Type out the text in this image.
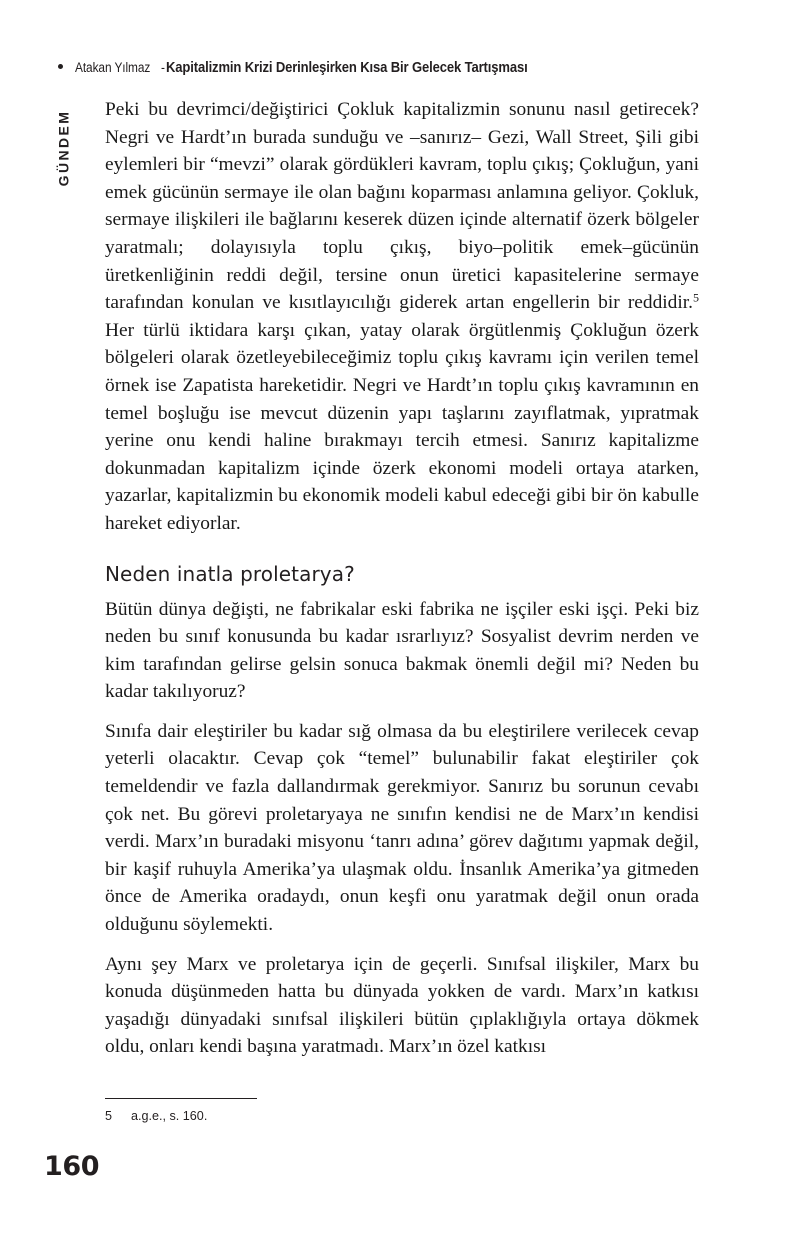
Atakan Yılmaz - Kapitalizmin Krizi Derinleşirken Kısa Bir Gelecek Tartışması
GÜNDEM

Peki bu devrimci/değiştirici Çokluk kapitalizmin sonunu nasıl getirecek? Negri ve Hardt’ın burada sunduğu ve –sanırız– Gezi, Wall Street, Şili gibi eylemleri bir “mevzi” olarak gördükleri kavram, toplu çıkış; Çokluğun, yani emek gücünün sermaye ile olan bağını koparması anlamına geliyor. Çokluk, sermaye ilişkileri ile bağlarını keserek düzen içinde alternatif özerk bölgeler yaratmalı; dolayısıyla toplu çıkış, biyo–politik emek–gücünün üretkenliğinin reddi değil, tersine onun üretici kapasitelerine sermaye tarafından konulan ve kısıtlayıcılığı giderek artan engellerin bir reddidir.$^5$ Her türlü iktidara karşı çıkan, yatay olarak örgütlenmiş Çokluğun özerk bölgeleri olarak özetleyebileceğimiz toplu çıkış kavramı için verilen temel örnek ise Zapatista hareketidir. Negri ve Hardt’ın toplu çıkış kavramının en temel boşluğu ise mevcut düzenin yapı taşlarını zayıflatmak, yıpratmak yerine onu kendi haline bırakmayı tercih etmesi. Sanırız kapitalizme dokunmadan kapitalizm içinde özerk ekonomi modeli ortaya atarken, yazarlar, kapitalizmin bu ekonomik modeli kabul edeceği gibi bir ön kabulle hareket ediyorlar.

Neden inatla proletarya?

Bütün dünya değişti, ne fabrikalar eski fabrika ne işçiler eski işçi. Peki biz neden bu sınıf konusunda bu kadar ısrarlıyız? Sosyalist devrim nerden ve kim tarafından gelirse gelsin sonuca bakmak önemli değil mi? Neden bu kadar takılıyoruz?

Sınıfa dair eleştiriler bu kadar sığ olmasa da bu eleştirilere verilecek cevap yeterli olacaktır. Cevap çok “temel” bulunabilir fakat eleştiriler çok temeldendir ve fazla dallandırmak gerekmiyor. Sanırız bu sorunun cevabı çok net. Bu görevi proletaryaya ne sınıfın kendisi ne de Marx’ın kendisi verdi. Marx’ın buradaki misyonu ‘tanrı adına’ görev dağıtımı yapmak değil, bir kaşif ruhuyla Amerika’ya ulaşmak oldu. İnsanlık Amerika’ya gitmeden önce de Amerika oradaydı, onun keşfi onu yaratmak değil onun orada olduğunu söylemekti.

Aynı şey Marx ve proletarya için de geçerli. Sınıfsal ilişkiler, Marx bu konuda düşünmeden hatta bu dünyada yokken de vardı. Marx’ın katkısı yaşadığı dünyadaki sınıfsal ilişkileri bütün çıplaklığıyla ortaya dökmek oldu, onları kendi başına yaratmadı. Marx’ın özel katkısı

5	a.g.e., s. 160.
160
